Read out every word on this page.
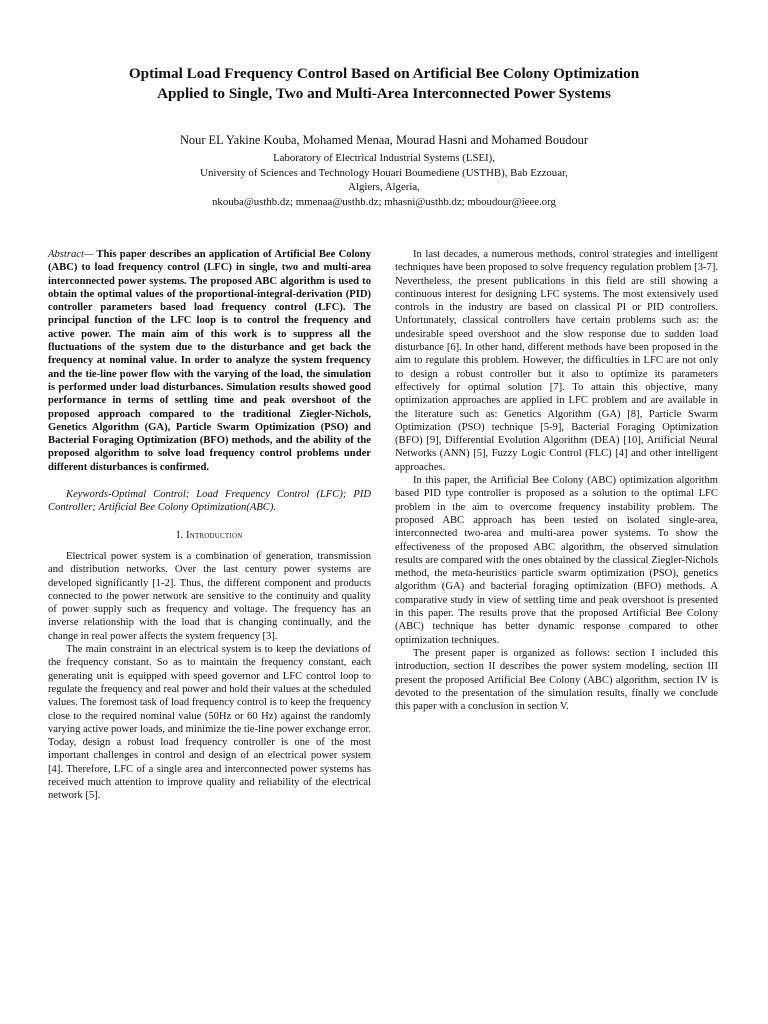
Optimal Load Frequency Control Based on Artificial Bee Colony Optimization
Applied to Single, Two and Multi-Area Interconnected Power Systems
Nour EL Yakine Kouba, Mohamed Menaa, Mourad Hasni and Mohamed Boudour
Laboratory of Electrical Industrial Systems (LSEI),
University of Sciences and Technology Houari Boumediene (USTHB), Bab Ezzouar,
Algiers, Algeria,
nkouba@usthb.dz; mmenaa@usthb.dz; mhasni@usthb.dz; mboudour@ieee.org

Abstract— This paper describes an application of Artificial Bee Colony (ABC) to load frequency control (LFC) in single, two and multi-area interconnected power systems. The proposed ABC algorithm is used to obtain the optimal values of the proportional-integral-derivation (PID) controller parameters based load frequency control (LFC). The principal function of the LFC loop is to control the frequency and active power. The main aim of this work is to suppress all the fluctuations of the system due to the disturbance and get back the frequency at nominal value. In order to analyze the system frequency and the tie-line power flow with the varying of the load, the simulation is performed under load disturbances. Simulation results showed good performance in terms of settling time and peak overshoot of the proposed approach compared to the traditional Ziegler-Nichols, Genetics Algorithm (GA), Particle Swarm Optimization (PSO) and Bacterial Foraging Optimization (BFO) methods, and the ability of the proposed algorithm to solve load frequency control problems under different disturbances is confirmed.

Keywords-Optimal Control; Load Frequency Control (LFC); PID Controller; Artificial Bee Colony Optimization(ABC).

I. Introduction

Electrical power system is a combination of generation, transmission and distribution networks. Over the last century power systems are developed significantly [1-2]. Thus, the different component and products connected to the power network are sensitive to the continuity and quality of power supply such as frequency and voltage. The frequency has an inverse relationship with the load that is changing continually, and the change in real power affects the system frequency [3].

The main constraint in an electrical system is to keep the deviations of the frequency constant. So as to maintain the frequency constant, each generating unit is equipped with speed governor and LFC control loop to regulate the frequency and real power and hold their values at the scheduled values. The foremost task of load frequency control is to keep the frequency close to the required nominal value (50Hz or 60 Hz) against the randomly varying active power loads, and minimize the tie-line power exchange error. Today, design a robust load frequency controller is one of the most important challenges in control and design of an electrical power system [4]. Therefore, LFC of a single area and interconnected power systems has received much attention to improve quality and reliability of the electrical network [5].

In last decades, a numerous methods, control strategies and intelligent techniques have been proposed to solve frequency regulation problem [3-7]. Nevertheless, the present publications in this field are still showing a continuous interest for designing LFC systems. The most extensively used controls in the industry are based on classical PI or PID controllers. Unfortunately, classical controllers have certain problems such as: the undesirable speed overshoot and the slow response due to sudden load disturbance [6]. In other hand, different methods have been proposed in the aim to regulate this problem. However, the difficulties in LFC are not only to design a robust controller but it also to optimize its parameters effectively for optimal solution [7]. To attain this objective, many optimization approaches are applied in LFC problem and are available in the literature such as: Genetics Algorithm (GA) [8], Particle Swarm Optimization (PSO) technique [5-9], Bacterial Foraging Optimization (BFO) [9], Differential Evolution Algorithm (DEA) [10], Artificial Neural Networks (ANN) [5], Fuzzy Logic Control (FLC) [4] and other intelligent approaches.

In this paper, the Artificial Bee Colony (ABC) optimization algorithm based PID type controller is proposed as a solution to the optimal LFC problem in the aim to overcome frequency instability problem. The proposed ABC approach has been tested on isolated single-area, interconnected two-area and multi-area power systems. To show the effectiveness of the proposed ABC algorithm, the observed simulation results are compared with the ones obtained by the classical Ziegler-Nichols method, the meta-heuristics particle swarm optimization (PSO), genetics algorithm (GA) and bacterial foraging optimization (BFO) methods. A comparative study in view of settling time and peak overshoot is presented in this paper. The results prove that the proposed Artificial Bee Colony (ABC) technique has better dynamic response compared to other optimization techniques.

The present paper is organized as follows: section I included this introduction, section II describes the power system modeling, section III present the proposed Artificial Bee Colony (ABC) algorithm, section IV is devoted to the presentation of the simulation results, finally we conclude this paper with a conclusion in section V.
